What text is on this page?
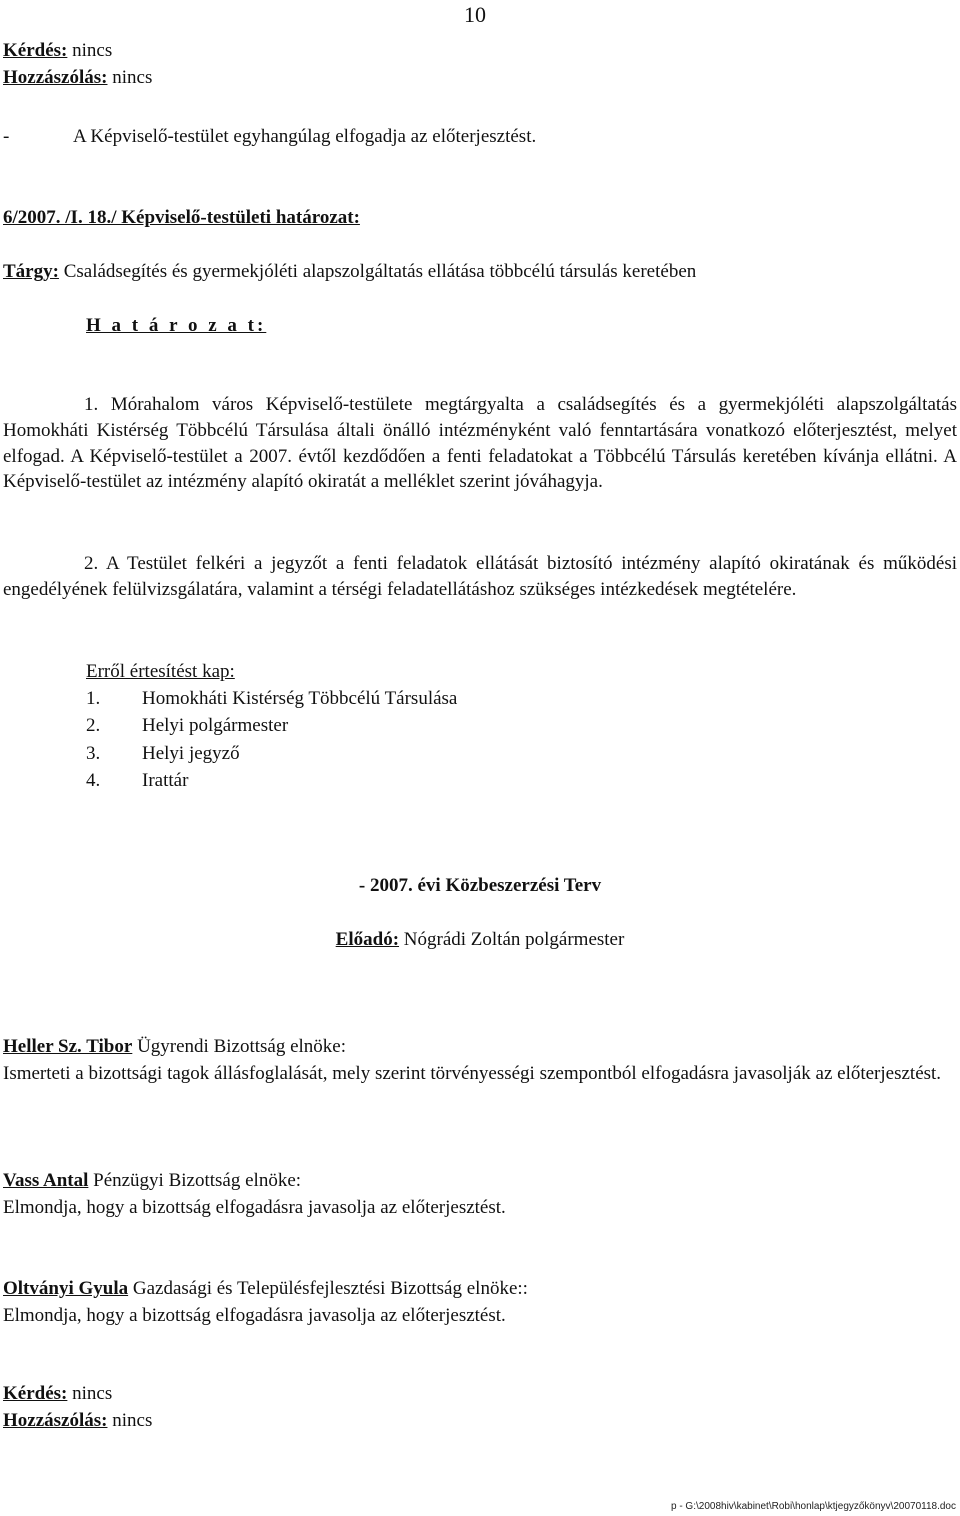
10
Kérdés: nincs
Hozzászólás: nincs
-	A Képviselő-testület egyhangúlag elfogadja az előterjesztést.
6/2007. /I. 18./ Képviselő-testületi határozat:
Tárgy: Családsegítés és gyermekjóléti alapszolgáltatás ellátása többcélú társulás keretében
H a t á r o z a t:

1. Mórahalom város Képviselő-testülete megtárgyalta a családsegítés és a gyermekjóléti alapszolgáltatás Homokháti Kistérség Többcélú Társulása általi önálló intézményként való fenntartására vonatkozó előterjesztést, melyet elfogad. A Képviselő-testület a 2007. évtől kezdődően a fenti feladatokat a Többcélú Társulás keretében kívánja ellátni. A Képviselő-testület az intézmény alapító okiratát a melléklet szerint jóváhagyja.

2. A Testület felkéri a jegyzőt a fenti feladatok ellátását biztosító intézmény alapító okiratának és működési engedélyének felülvizsgálatára, valamint a térségi feladatellátáshoz szükséges intézkedések megtételére.

Erről értesítést kap:
1. Homokháti Kistérség Többcélú Társulása
2. Helyi polgármester
3. Helyi jegyző
4. Irattár
- 2007. évi Közbeszerzési Terv
Előadó: Nógrádi Zoltán polgármester
Heller Sz. Tibor Ügyrendi Bizottság elnöke:
Ismerteti a bizottsági tagok állásfoglalását, mely szerint törvényességi szempontból elfogadásra javasolják az előterjesztést.
Vass Antal Pénzügyi Bizottság elnöke:
Elmondja, hogy a bizottság elfogadásra javasolja az előterjesztést.
Oltványi Gyula Gazdasági és Településfejlesztési Bizottság elnöke::
Elmondja, hogy a bizottság elfogadásra javasolja az előterjesztést.
Kérdés: nincs
Hozzászólás: nincs
p - G:\2008hiv\kabinet\Robi\honlap\ktjegyzőkönyv\20070118.doc
